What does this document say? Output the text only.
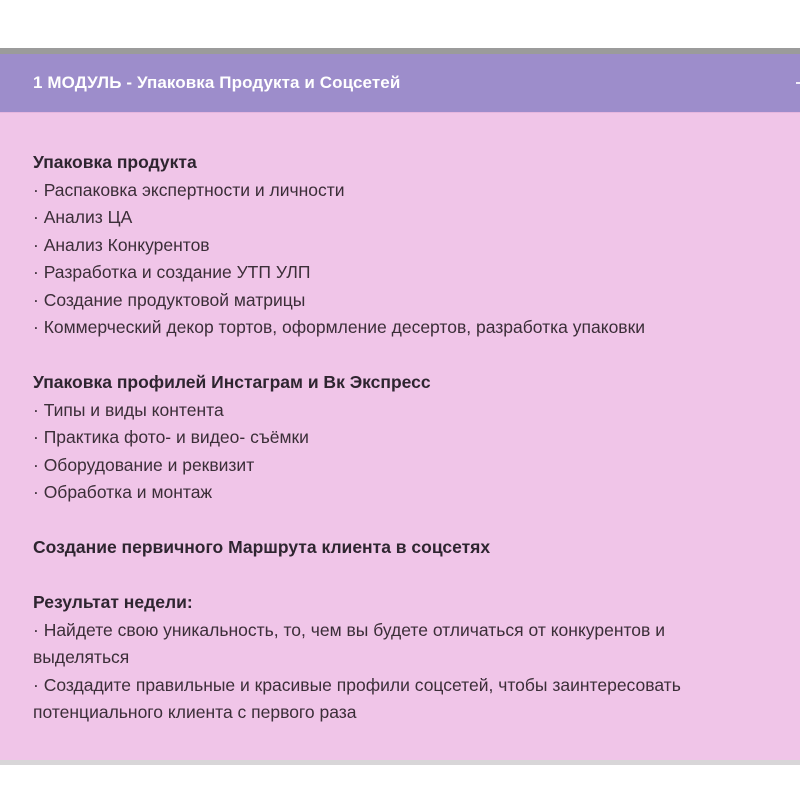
1 МОДУЛЬ - Упаковка Продукта и Соцсетей
Упаковка продукта
· Распаковка экспертности и личности
· Анализ ЦА
· Анализ Конкурентов
· Разработка и создание УТП УЛП
· Создание продуктовой матрицы
· Коммерческий декор тортов, оформление десертов, разработка упаковки
Упаковка профилей Инстаграм и Вк Экспресс
· Типы и виды контента
· Практика фото- и видео- съёмки
· Оборудование и реквизит
· Обработка и монтаж
Создание первичного Маршрута клиента в соцсетях
Результат недели:
· Найдете свою уникальность, то, чем вы будете отличаться от конкурентов и выделяться
· Создадите правильные и красивые профили соцсетей, чтобы заинтересовать потенциального клиента с первого раза
